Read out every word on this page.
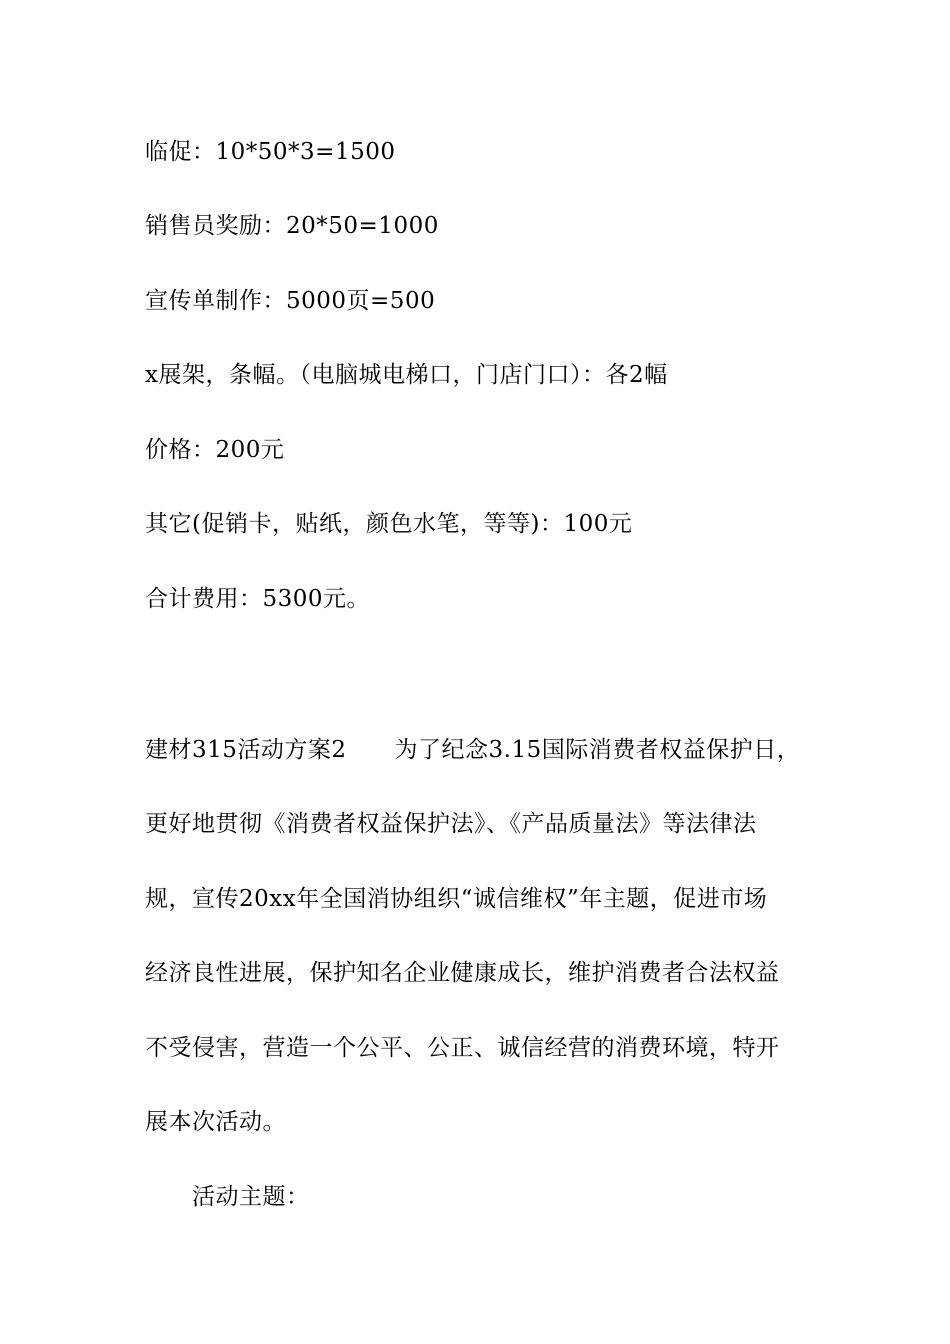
临促：10*50*3=1500
销售员奖励：20*50=1000
宣传单制作：5000页=500
x展架，条幅。（电脑城电梯口，门店门口）：各2幅
价格：200元
其它(促销卡，贴纸，颜色水笔，等等)：100元
合计费用：5300元。
建材315活动方案2 为了纪念3.15国际消费者权益保护日，
更好地贯彻《消费者权益保护法》、《产品质量法》等法律法
规，宣传20xx年全国消协组织“诚信维权”年主题，促进市场
经济良性进展，保护知名企业健康成长，维护消费者合法权益
不受侵害，营造一个公平、公正、诚信经营的消费环境，特开
展本次活动。
活动主题：
